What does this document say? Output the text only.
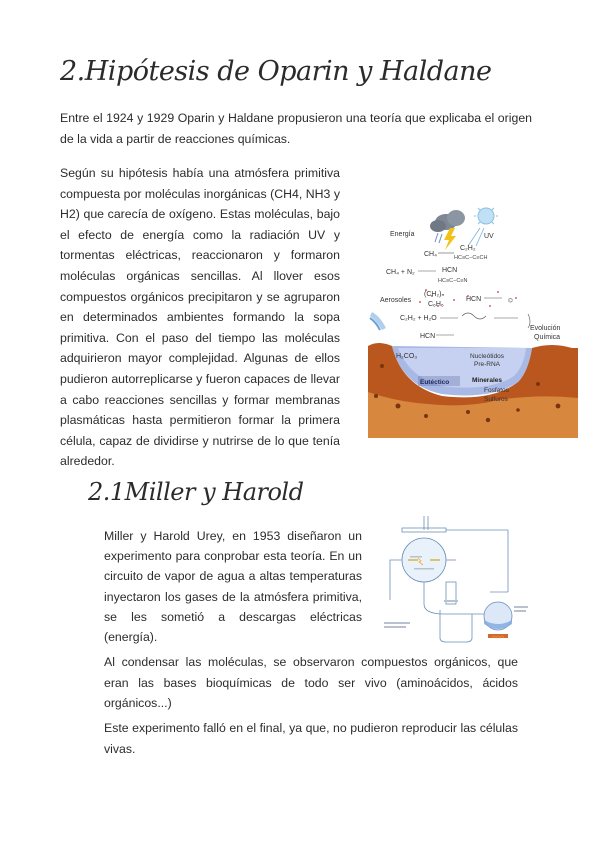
2.Hipótesis de Oparin y Haldane
Entre el 1924 y 1929 Oparin y Haldane propusieron una teoría que explicaba el origen de la vida a partir de reacciones químicas.
Según su hipótesis había una atmósfera primitiva compuesta por moléculas inorgánicas (CH4, NH3 y H2) que carecía de oxígeno. Estas moléculas, bajo el efecto de energía como la radiación UV y tormentas eléctricas, reaccionaron y formaron moléculas orgánicas sencillas. Al llover esos compuestos orgánicos precipitaron y se agruparon en determinados ambientes formando la sopa primitiva. Con el paso del tiempo las moléculas adquirieron mayor complejidad. Algunas de ellos pudieron autorreplicarse y fueron capaces de llevar a cabo reacciones sencillas y formar membranas plasmáticas hasta permitieron formar la primera célula, capaz de dividirse y nutrirse de lo que tenía alrededor.
Energía	UV
CH₄
C₂H₂
HC≡C−C≡CH
CH₄ + N₂	HCN
HC≡C−C≡N
Aerosoles
(CH₂)ₙ
C₆H₆
HCN	⌬
C₂H₂ + H₂O
HCN
Evolución
Química
H₂CO₃	Nucleótidos
Pre-RNA
Eutéctico	Minerales
Fosfatos
Sulfuros
2.1Miller y Harold
Miller y Harold Urey, en 1953 diseñaron un experimento para conprobar esta teoría. En un circuito de vapor de agua a altas temperaturas inyectaron los gases de la atmósfera primitiva, se les sometió a descargas eléctricas (energía).
Al condensar las moléculas, se observaron compuestos orgánicos, que eran las bases bioquímicas de todo ser vivo (aminoácidos, ácidos orgánicos...)
Este experimento falló en el final, ya que, no pudieron reproducir las células vivas.
